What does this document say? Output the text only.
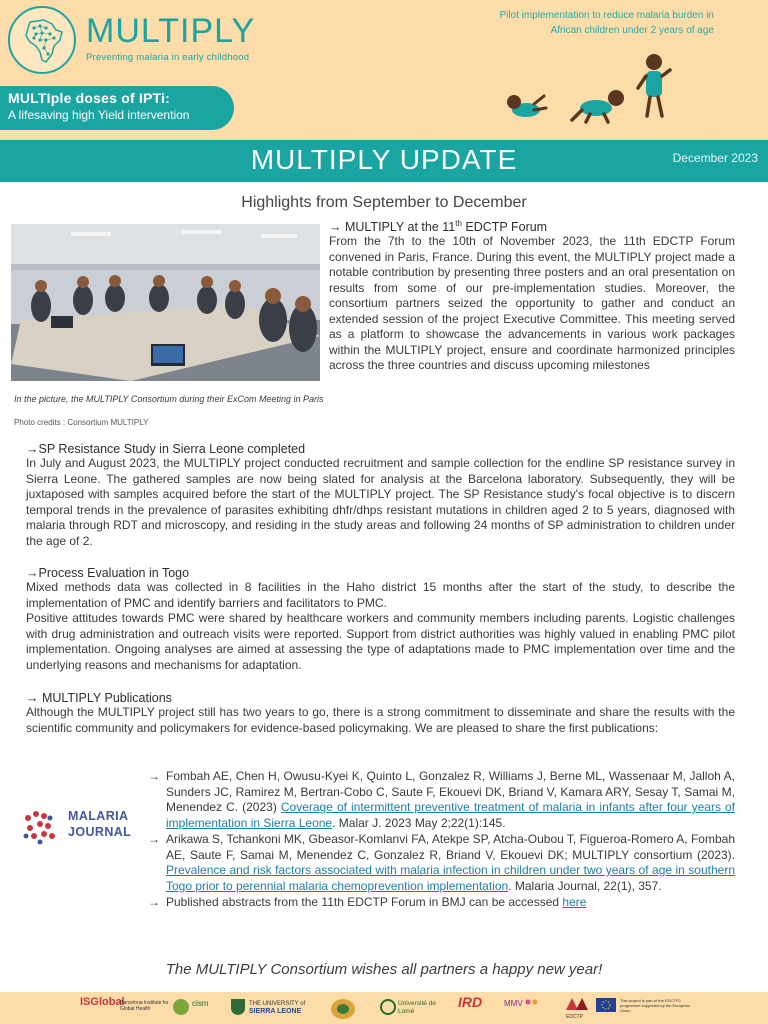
MULTIPLY
Preventing malaria in early childhood
MULTIple doses of IPTi:
A lifesaving high Yield intervention
Pilot implementation to reduce malaria burden in
African children under 2 years of age
MULTIPLY UPDATE	December 2023
Highlights from September to December
In the picture, the MULTIPLY Consortium during their ExCom Meeting in Paris
Photo credits : Consortium MULTIPLY
→ MULTIPLY at the 11th EDCTP Forum
From the 7th to the 10th of November 2023, the 11th EDCTP Forum convened in Paris, France. During this event, the MULTIPLY project made a notable contribution by presenting three posters and an oral presentation on results from some of our pre-implementation studies. Moreover, the consortium partners seized the opportunity to gather and conduct an extended session of the project Executive Committee. This meeting served as a platform to showcase the advancements in various work packages within the MULTIPLY project, ensure and coordinate harmonized principles across the three countries and discuss upcoming milestones
→SP Resistance Study in Sierra Leone completed
In July and August 2023, the MULTIPLY project conducted recruitment and sample collection for the endline SP resistance survey in Sierra Leone. The gathered samples are now being slated for analysis at the Barcelona laboratory. Subsequently, they will be juxtaposed with samples acquired before the start of the MULTIPLY project. The SP Resistance study's focal objective is to discern temporal trends in the prevalence of parasites exhibiting dhfr/dhps resistant mutations in children aged 2 to 5 years, diagnosed with malaria through RDT and microscopy, and residing in the study areas and following 24 months of SP administration to children under the age of 2.
→Process Evaluation in Togo
Mixed methods data was collected in 8 facilities in the Haho district 15 months after the start of the study, to describe the implementation of PMC and identify barriers and facilitators to PMC.
Positive attitudes towards PMC were shared by healthcare workers and community members including parents. Logistic challenges with drug administration and outreach visits were reported. Support from district authorities was highly valued in enabling PMC pilot implementation. Ongoing analyses are aimed at assessing the type of adaptations made to PMC implementation over time and the underlying reasons and mechanisms for adaptation.
→ MULTIPLY Publications
Although the MULTIPLY project still has two years to go, there is a strong commitment to disseminate and share the results with the scientific community and policymakers for evidence-based policymaking. We are pleased to share the first publications:
MALARIA
JOURNAL
→ Fombah AE, Chen H, Owusu-Kyei K, Quinto L, Gonzalez R, Williams J, Berne ML, Wassenaar M, Jalloh A, Sunders JC, Ramirez M, Bertran-Cobo C, Saute F, Ekouevi DK, Briand V, Kamara ARY, Sesay T, Samai M, Menendez C. (2023) Coverage of intermittent preventive treatment of malaria in infants after four years of implementation in Sierra Leone. Malar J. 2023 May 2;22(1):145.
→ Arikawa S, Tchankoni MK, Gbeasor-Komlanvi FA, Atekpe SP, Atcha-Oubou T, Figueroa-Romero A, Fombah AE, Saute F, Samai M, Menendez C, Gonzalez R, Briand V, Ekouevi DK; MULTIPLY consortium (2023). Prevalence and risk factors associated with malaria infection in children under two years of age in southern Togo prior to perennial malaria chemoprevention implementation. Malaria Journal, 22(1), 357.
→ Published abstracts from the 11th EDCTP Forum in BMJ can be accessed here
The MULTIPLY Consortium wishes all partners a happy new year!
ISGlobal
Barcelona Institute for Global Health
cism	THE UNIVERSITY of
SIERRA LEONE
Université de Lomé
IRD	MMV
EDCTP
This project is part of the EDCTP2 programme supported by the European Union
